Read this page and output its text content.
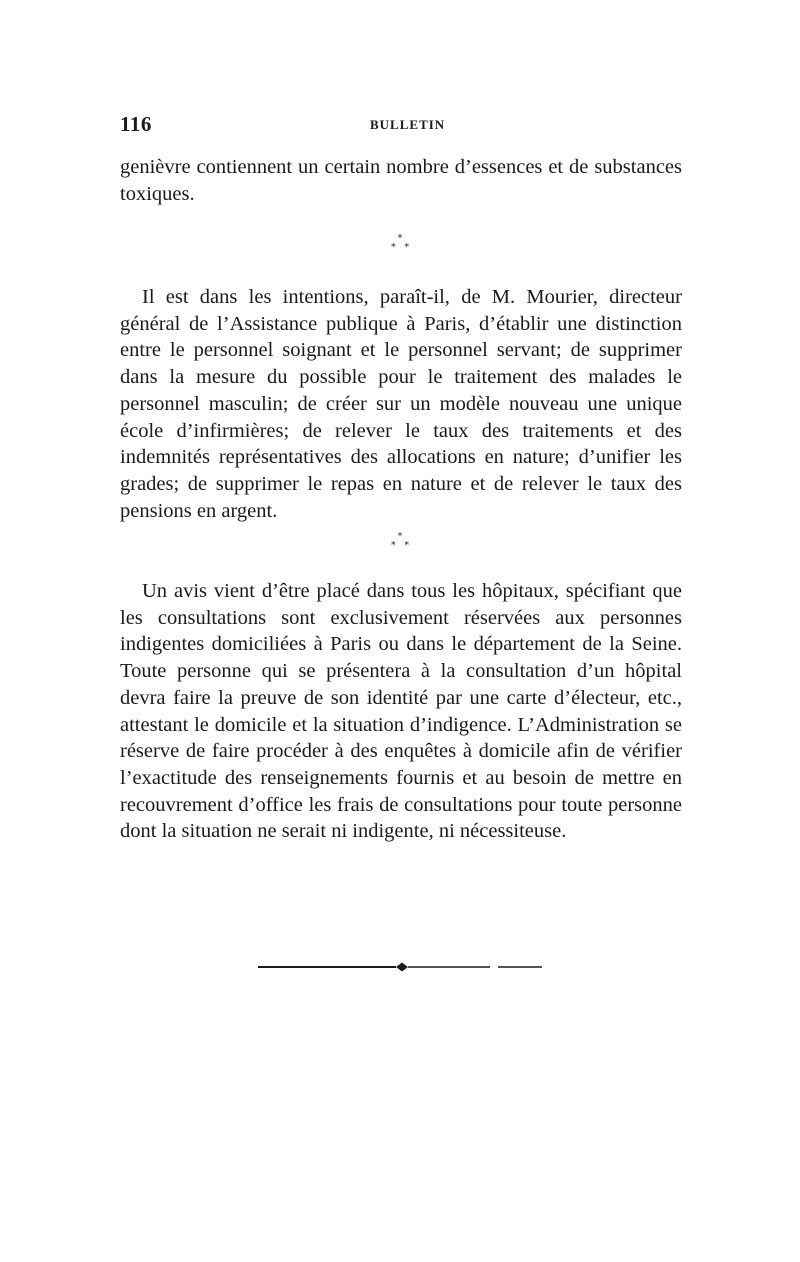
116	BULLETIN
genièvre contiennent un certain nombre d’essences et de substances toxiques.
*
* *
Il est dans les intentions, paraît-il, de M. Mourier, directeur général de l’Assistance publique à Paris, d’établir une distinction entre le personnel soignant et le personnel servant; de supprimer dans la mesure du possible pour le traitement des malades le personnel masculin; de créer sur un modèle nouveau une unique école d’infirmières; de relever le taux des traitements et des indemnités représentatives des allocations en nature; d’unifier les grades; de supprimer le repas en nature et de relever le taux des pensions en argent.
*
* *
Un avis vient d’être placé dans tous les hôpitaux, spécifiant que les consultations sont exclusivement réservées aux personnes indigentes domiciliées à Paris ou dans le département de la Seine. Toute personne qui se présentera à la consultation d’un hôpital devra faire la preuve de son identité par une carte d’électeur, etc., attestant le domicile et la situation d’indigence. L’Administration se réserve de faire procéder à des enquêtes à domicile afin de vérifier l’exactitude des renseignements fournis et au besoin de mettre en recouvrement d’office les frais de consultations pour toute personne dont la situation ne serait ni indigente, ni nécessiteuse.
